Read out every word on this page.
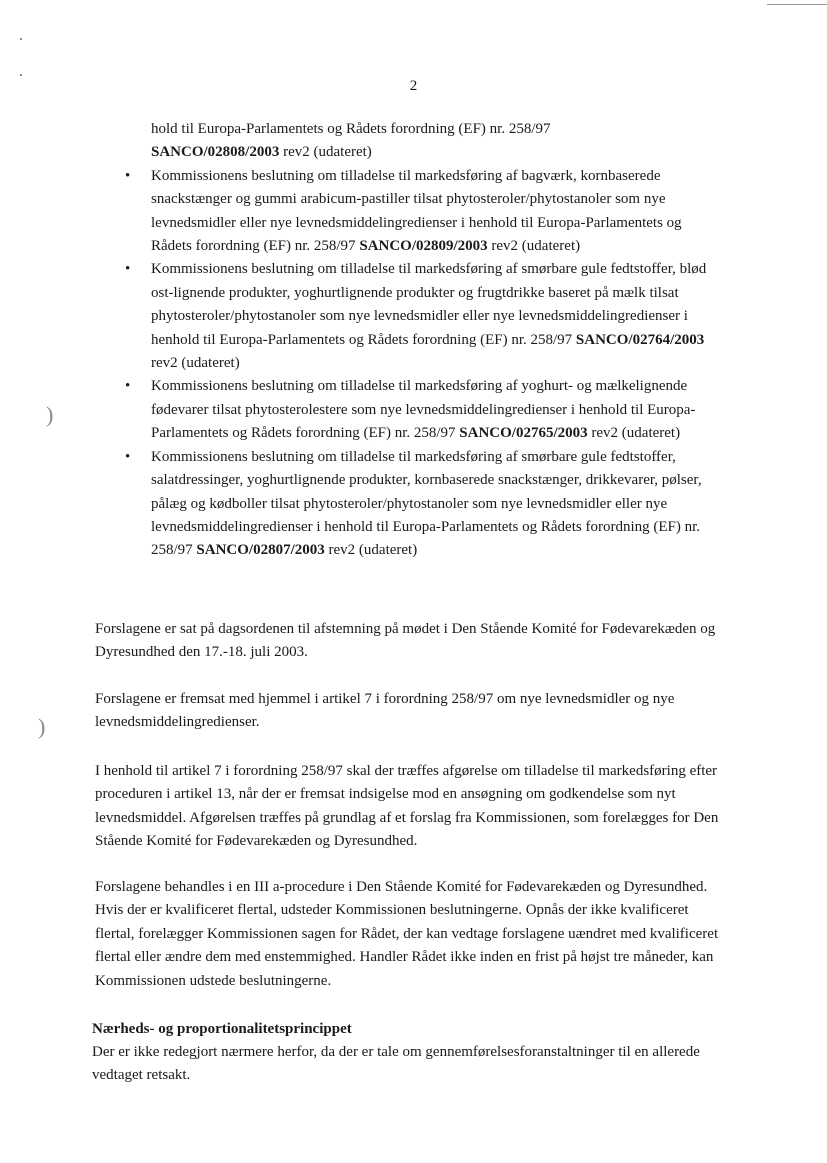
)
)
2
hold til Europa-Parlamentets og Rådets forordning (EF) nr. 258/97
SANCO/02808/2003 rev2 (udateret)
• Kommissionens beslutning om tilladelse til markedsføring af bagværk, kornbaserede snackstænger og gummi arabicum-pastiller tilsat phytosteroler/phytostanoler som nye levnedsmidler eller nye levnedsmiddelingredienser i henhold til Europa-Parlamentets og Rådets forordning (EF) nr. 258/97 SANCO/02809/2003 rev2 (udateret)
• Kommissionens beslutning om tilladelse til markedsføring af smørbare gule fedtstoffer, blød ost-lignende produkter, yoghurtlignende produkter og frugtdrikke baseret på mælk tilsat phytosteroler/phytostanoler som nye levnedsmidler eller nye levnedsmiddelingredienser i henhold til Europa-Parlamentets og Rådets forordning (EF) nr. 258/97 SANCO/02764/2003 rev2 (udateret)
• Kommissionens beslutning om tilladelse til markedsføring af yoghurt- og mælkelignende fødevarer tilsat phytosterolestere som nye levnedsmiddelingredienser i henhold til Europa-Parlamentets og Rådets forordning (EF) nr. 258/97 SANCO/02765/2003 rev2 (udateret)
• Kommissionens beslutning om tilladelse til markedsføring af smørbare gule fedtstoffer, salatdressinger, yoghurtlignende produkter, kornbaserede snackstænger, drikkevarer, pølser, pålæg og kødboller tilsat phytosteroler/phytostanoler som nye levnedsmidler eller nye levnedsmiddelingredienser i henhold til Europa-Parlamentets og Rådets forordning (EF) nr. 258/97 SANCO/02807/2003 rev2 (udateret)

Forslagene er sat på dagsordenen til afstemning på mødet i Den Stående Komité for Fødevarekæden og Dyresundhed den 17.-18. juli 2003.

Forslagene er fremsat med hjemmel i artikel 7 i forordning 258/97 om nye levnedsmidler og nye levnedsmiddelingredienser.

I henhold til artikel 7 i forordning 258/97 skal der træffes afgørelse om tilladelse til markedsføring efter proceduren i artikel 13, når der er fremsat indsigelse mod en ansøgning om godkendelse som nyt levnedsmiddel. Afgørelsen træffes på grundlag af et forslag fra Kommissionen, som forelægges for Den Stående Komité for Fødevarekæden og Dyresundhed.

Forslagene behandles i en III a-procedure i Den Stående Komité for Fødevarekæden og Dyresundhed. Hvis der er kvalificeret flertal, udsteder Kommissionen beslutningerne. Opnås der ikke kvalificeret flertal, forelægger Kommissionen sagen for Rådet, der kan vedtage forslagene uændret med kvalificeret flertal eller ændre dem med enstemmighed. Handler Rådet ikke inden en frist på højst tre måneder, kan Kommissionen udstede beslutningerne.

Nærheds- og proportionalitetsprincippet

Der er ikke redegjort nærmere herfor, da der er tale om gennemførelsesforanstaltninger til en allerede vedtaget retsakt.
